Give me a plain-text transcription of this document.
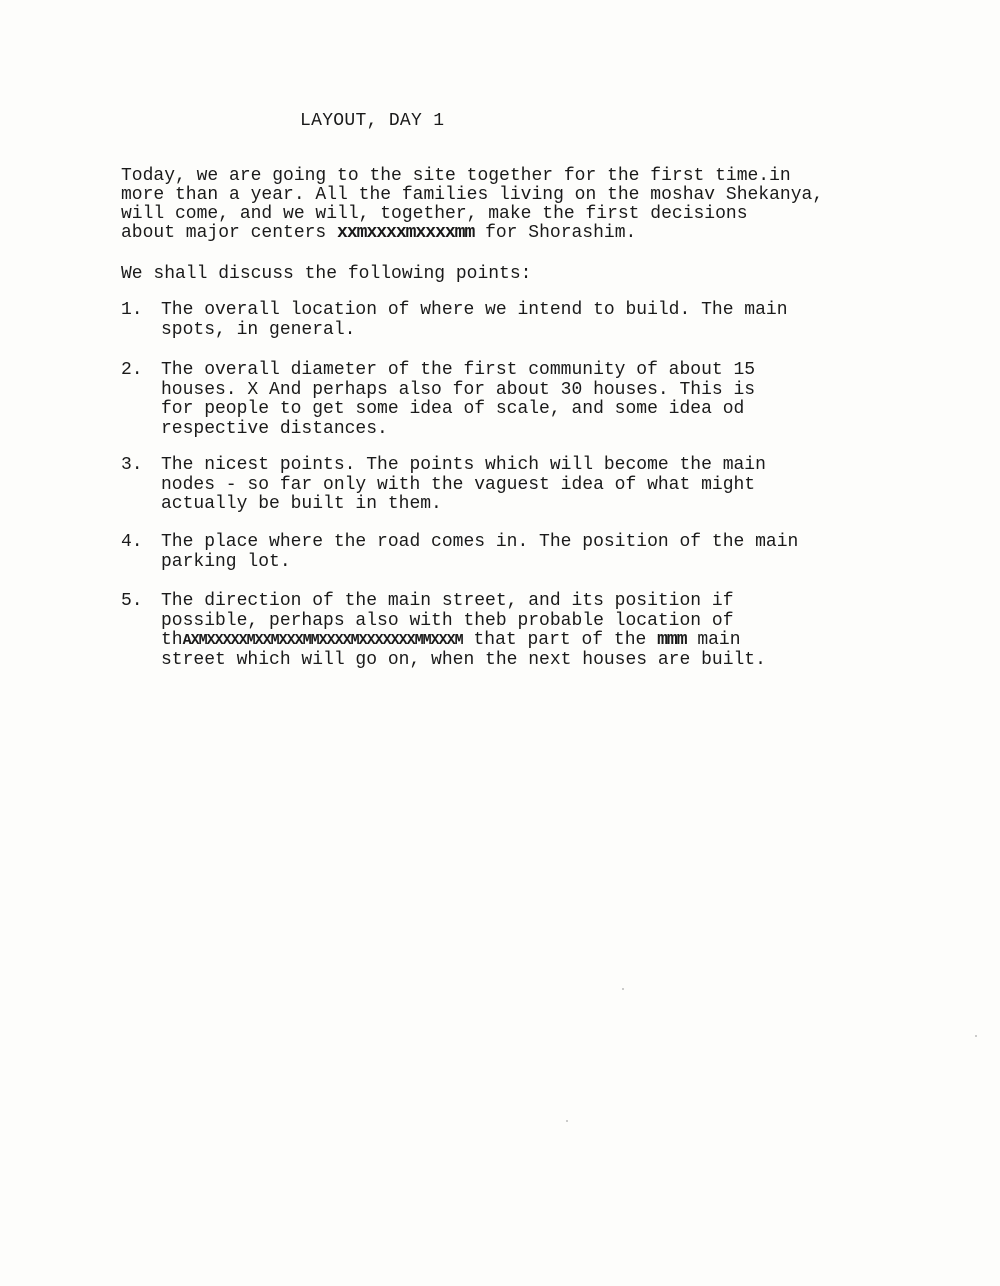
LAYOUT, DAY 1
Today, we are going to the site together for the first time.in
more than a year. All the families living on the moshav Shekanya,
will come, and we will, together, make the first decisions
about major centers xxmxxxxmxxxxmm for Shorashim.
We shall discuss the following points:
1.	The overall location of where we intend to build. The main
spots, in general.
2.	The overall diameter of the first community of about 15
houses. X And perhaps also for about 30 houses. This is
for people to get some idea of scale, and some idea od
respective distances.
3.	The nicest points. The points which will become the main
nodes - so far only with the vaguest idea of what might
actually be built in them.
4.	The place where the road comes in. The position of the main
parking lot.
5.	The direction of the main street, and its position if
possible, perhaps also with theb probable location of
thAXMXXXXXMXXMXXXMMXXXXMXXXXXXXMMXXXM that part of the mmm main
street which will go on, when the next houses are built.
